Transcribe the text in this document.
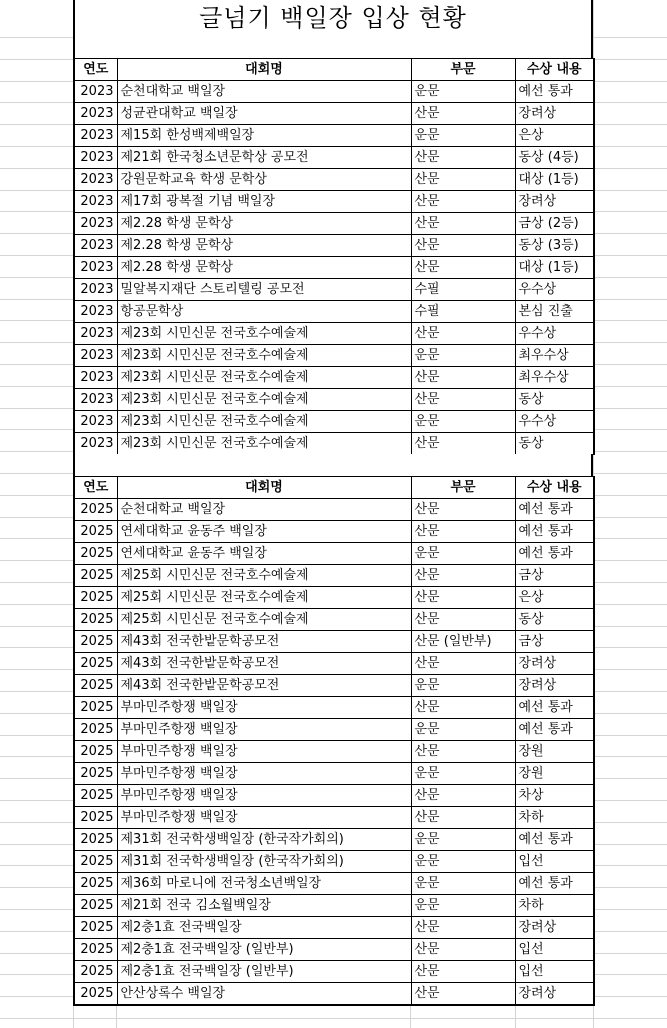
글넘기 백일장 입상 현황
연도	대회명	부문	수상 내용
2023	순천대학교 백일장	운문	예선 통과
2023	성균관대학교 백일장	산문	장려상
2023	제15회 한성백제백일장	운문	은상
2023	제21회 한국청소년문학상 공모전	산문	동상 (4등)
2023	강원문학교육 학생 문학상	산문	대상 (1등)
2023	제17회 광복절 기념 백일장	산문	장려상
2023	제2.28 학생 문학상	산문	금상 (2등)
2023	제2.28 학생 문학상	산문	동상 (3등)
2023	제2.28 학생 문학상	산문	대상 (1등)
2023	밀알복지재단 스토리텔링 공모전	수필	우수상
2023	항공문학상	수필	본심 진출
2023	제23회 시민신문 전국호수예술제	산문	우수상
2023	제23회 시민신문 전국호수예술제	운문	최우수상
2023	제23회 시민신문 전국호수예술제	산문	최우수상
2023	제23회 시민신문 전국호수예술제	산문	동상
2023	제23회 시민신문 전국호수예술제	운문	우수상
2023	제23회 시민신문 전국호수예술제	산문	동상
연도	대회명	부문	수상 내용
2025	순천대학교 백일장	산문	예선 통과
2025	연세대학교 윤동주 백일장	산문	예선 통과
2025	연세대학교 윤동주 백일장	운문	예선 통과
2025	제25회 시민신문 전국호수예술제	산문	금상
2025	제25회 시민신문 전국호수예술제	산문	은상
2025	제25회 시민신문 전국호수예술제	산문	동상
2025	제43회 전국한밭문학공모전	산문 (일반부)	금상
2025	제43회 전국한밭문학공모전	산문	장려상
2025	제43회 전국한밭문학공모전	운문	장려상
2025	부마민주항쟁 백일장	산문	예선 통과
2025	부마민주항쟁 백일장	운문	예선 통과
2025	부마민주항쟁 백일장	산문	장원
2025	부마민주항쟁 백일장	운문	장원
2025	부마민주항쟁 백일장	산문	차상
2025	부마민주항쟁 백일장	산문	차하
2025	제31회 전국학생백일장 (한국작가회의)	운문	예선 통과
2025	제31회 전국학생백일장 (한국작가회의)	운문	입선
2025	제36회 마로니에 전국청소년백일장	운문	예선 통과
2025	제21회 전국 김소월백일장	운문	차하
2025	제2충1효 전국백일장	산문	장려상
2025	제2충1효 전국백일장 (일반부)	산문	입선
2025	제2충1효 전국백일장 (일반부)	산문	입선
2025	안산상록수 백일장	산문	장려상
